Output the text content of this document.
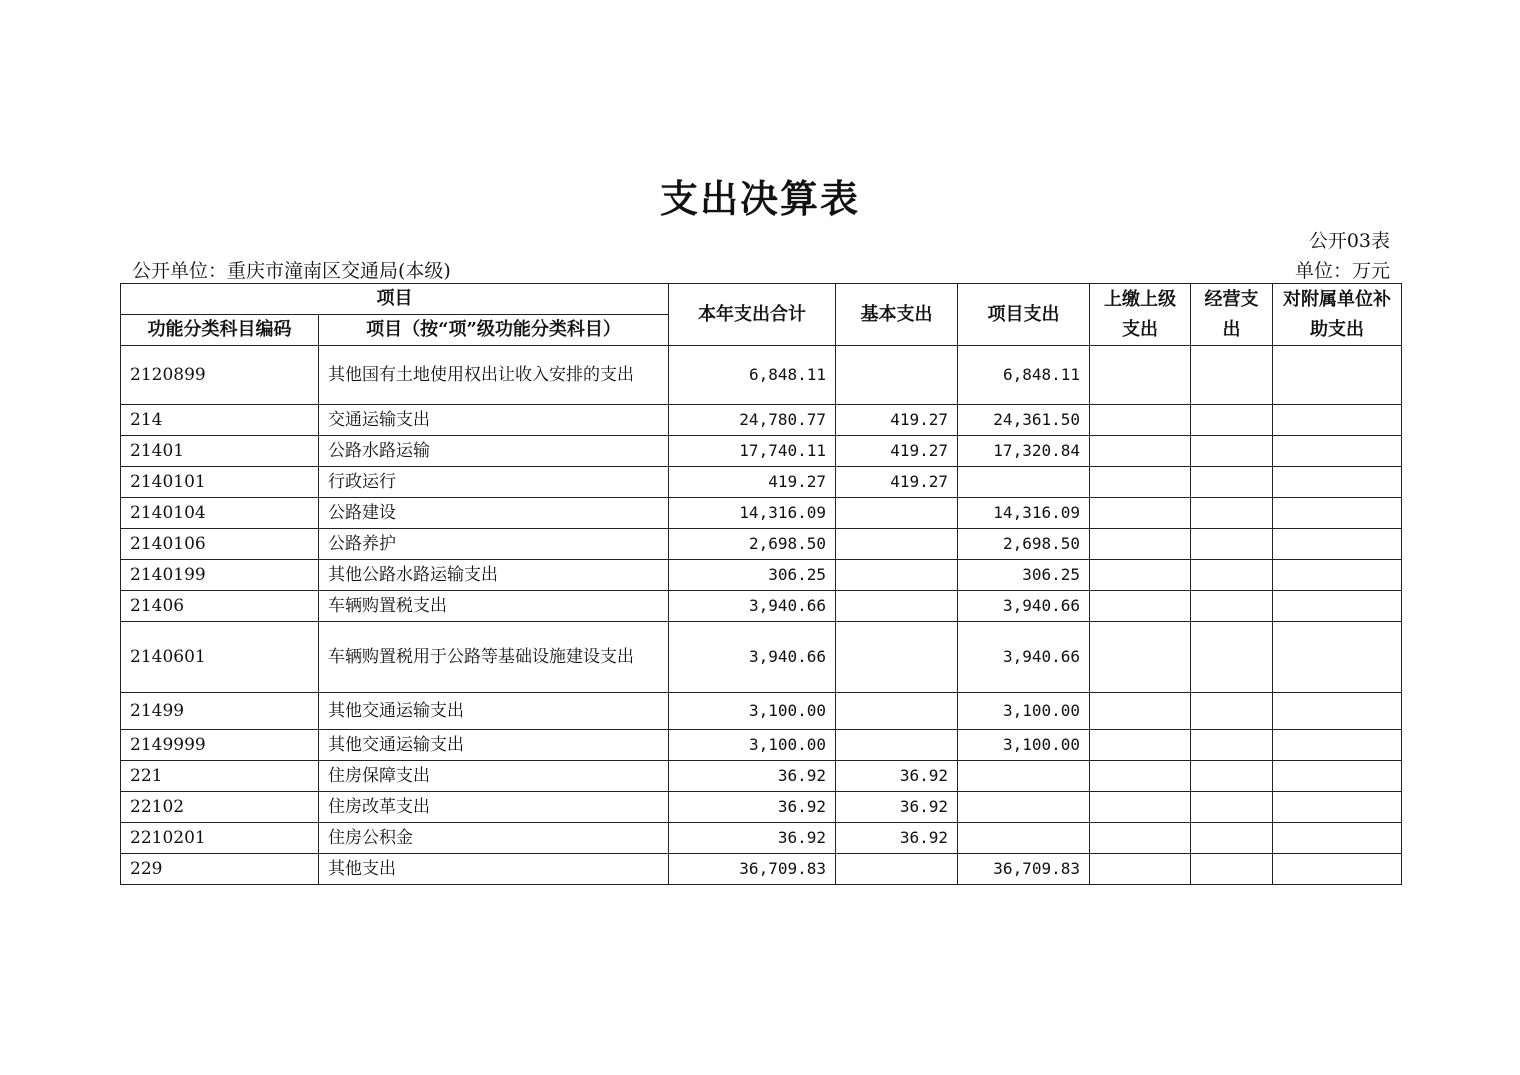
支出决算表
公开03表
公开单位：重庆市潼南区交通局(本级)	单位：万元
项目		本年支出合计	基本支出	项目支出	上缴上级支出	经营支出	对附属单位补助支出
功能分类科目编码	项目（按“项”级功能分类科目）						
2120899	其他国有土地使用权出让收入安排的支出	6,848.11		6,848.11			
214	交通运输支出	24,780.77	419.27	24,361.50			
21401	公路水路运输	17,740.11	419.27	17,320.84			
2140101	行政运行	419.27	419.27				
2140104	公路建设	14,316.09		14,316.09			
2140106	公路养护	2,698.50		2,698.50			
2140199	其他公路水路运输支出	306.25		306.25			
21406	车辆购置税支出	3,940.66		3,940.66			
2140601	车辆购置税用于公路等基础设施建设支出	3,940.66		3,940.66			
21499	其他交通运输支出	3,100.00		3,100.00			
2149999	其他交通运输支出	3,100.00		3,100.00			
221	住房保障支出	36.92	36.92				
22102	住房改革支出	36.92	36.92				
2210201	住房公积金	36.92	36.92				
229	其他支出	36,709.83		36,709.83			
